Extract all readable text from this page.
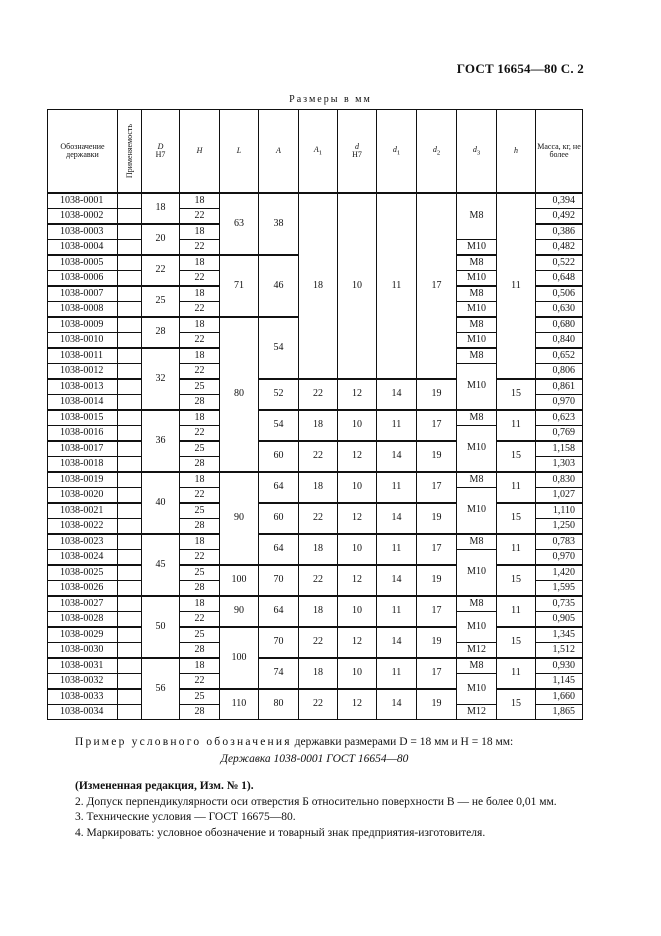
ГОСТ 16654—80 С. 2
Размеры в мм
Обозначение державки	Применяемость	D
H7	H	L	A	$A_1$	d
H7	$d_1$	$d_2$	$d_3$	h	Масса, кг, не более
1038-0001		18	18	63	38	18	10	11	17	M8	11	0,394
1038-0002			22									0,492
1038-0003		20	18									0,386
1038-0004			22							M10		0,482
1038-0005		22	18	71	46					M8		0,522
1038-0006			22							M10		0,648
1038-0007		25	18							M8		0,506
1038-0008			22							M10		0,630
1038-0009		28	18	80	54					M8		0,680
1038-0010			22							M10		0,840
1038-0011		32	18							M8		0,652
1038-0012			22							M10		0,806
1038-0013			25		52	22	12	14	19		15	0,861
1038-0014			28									0,970
1038-0015		36	18		54	18	10	11	17	M8	11	0,623
1038-0016			22							M10		0,769
1038-0017			25		60	22	12	14	19		15	1,158
1038-0018			28									1,303
1038-0019		40	18	90	64	18	10	11	17	M8	11	0,830
1038-0020			22							M10		1,027
1038-0021			25		60	22	12	14	19		15	1,110
1038-0022			28									1,250
1038-0023		45	18		64	18	10	11	17	M8	11	0,783
1038-0024			22							M10		0,970
1038-0025			25	100	70	22	12	14	19		15	1,420
1038-0026			28									1,595
1038-0027		50	18	90	64	18	10	11	17	M8	11	0,735
1038-0028			22							M10		0,905
1038-0029			25	100	70	22	12	14	19		15	1,345
1038-0030			28							M12		1,512
1038-0031		56	18		74	18	10	11	17	M8	11	0,930
1038-0032			22							M10		1,145
1038-0033			25	110	80	22	12	14	19		15	1,660
1038-0034			28							M12		1,865

Пример условного обозначения державки размерами D = 18 мм и H = 18 мм:

Державка 1038-0001 ГОСТ 16654—80

(Измененная редакция, Изм. № 1).

2. Допуск перпендикулярности оси отверстия Б относительно поверхности В — не более 0,01 мм.

3. Технические условия — ГОСТ 16675—80.

4. Маркировать: условное обозначение и товарный знак предприятия-изготовителя.
